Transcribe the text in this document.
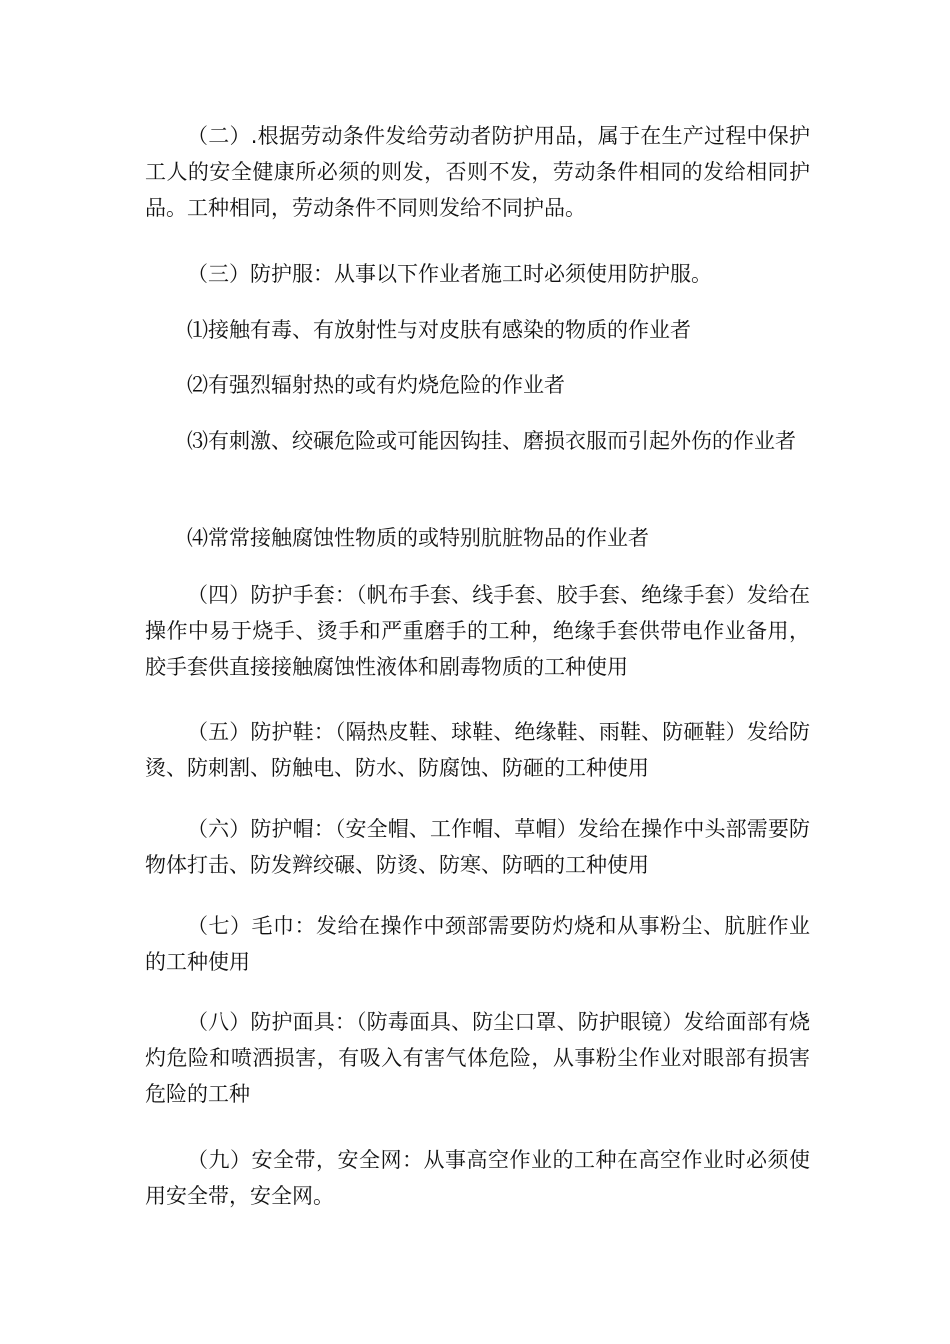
（二）.根据劳动条件发给劳动者防护用品，属于在生产过程中保护工人的安全健康所必须的则发，否则不发，劳动条件相同的发给相同护品。工种相同，劳动条件不同则发给不同护品。

（三）防护服：从事以下作业者施工时必须使用防护服。

⑴接触有毒、有放射性与对皮肤有感染的物质的作业者

⑵有强烈辐射热的或有灼烧危险的作业者

⑶有刺激、绞碾危险或可能因钩挂、磨损衣服而引起外伤的作业者

⑷常常接触腐蚀性物质的或特别肮脏物品的作业者

（四）防护手套：（帆布手套、线手套、胶手套、绝缘手套）发给在操作中易于烧手、烫手和严重磨手的工种，绝缘手套供带电作业备用，胶手套供直接接触腐蚀性液体和剧毒物质的工种使用

（五）防护鞋：（隔热皮鞋、球鞋、绝缘鞋、雨鞋、防砸鞋）发给防烫、防刺割、防触电、防水、防腐蚀、防砸的工种使用

（六）防护帽：（安全帽、工作帽、草帽）发给在操作中头部需要防物体打击、防发辫绞碾、防烫、防寒、防晒的工种使用

（七）毛巾：发给在操作中颈部需要防灼烧和从事粉尘、肮脏作业的工种使用

（八）防护面具：（防毒面具、防尘口罩、防护眼镜）发给面部有烧灼危险和喷洒损害，有吸入有害气体危险，从事粉尘作业对眼部有损害危险的工种

（九）安全带，安全网：从事高空作业的工种在高空作业时必须使用安全带，安全网。
